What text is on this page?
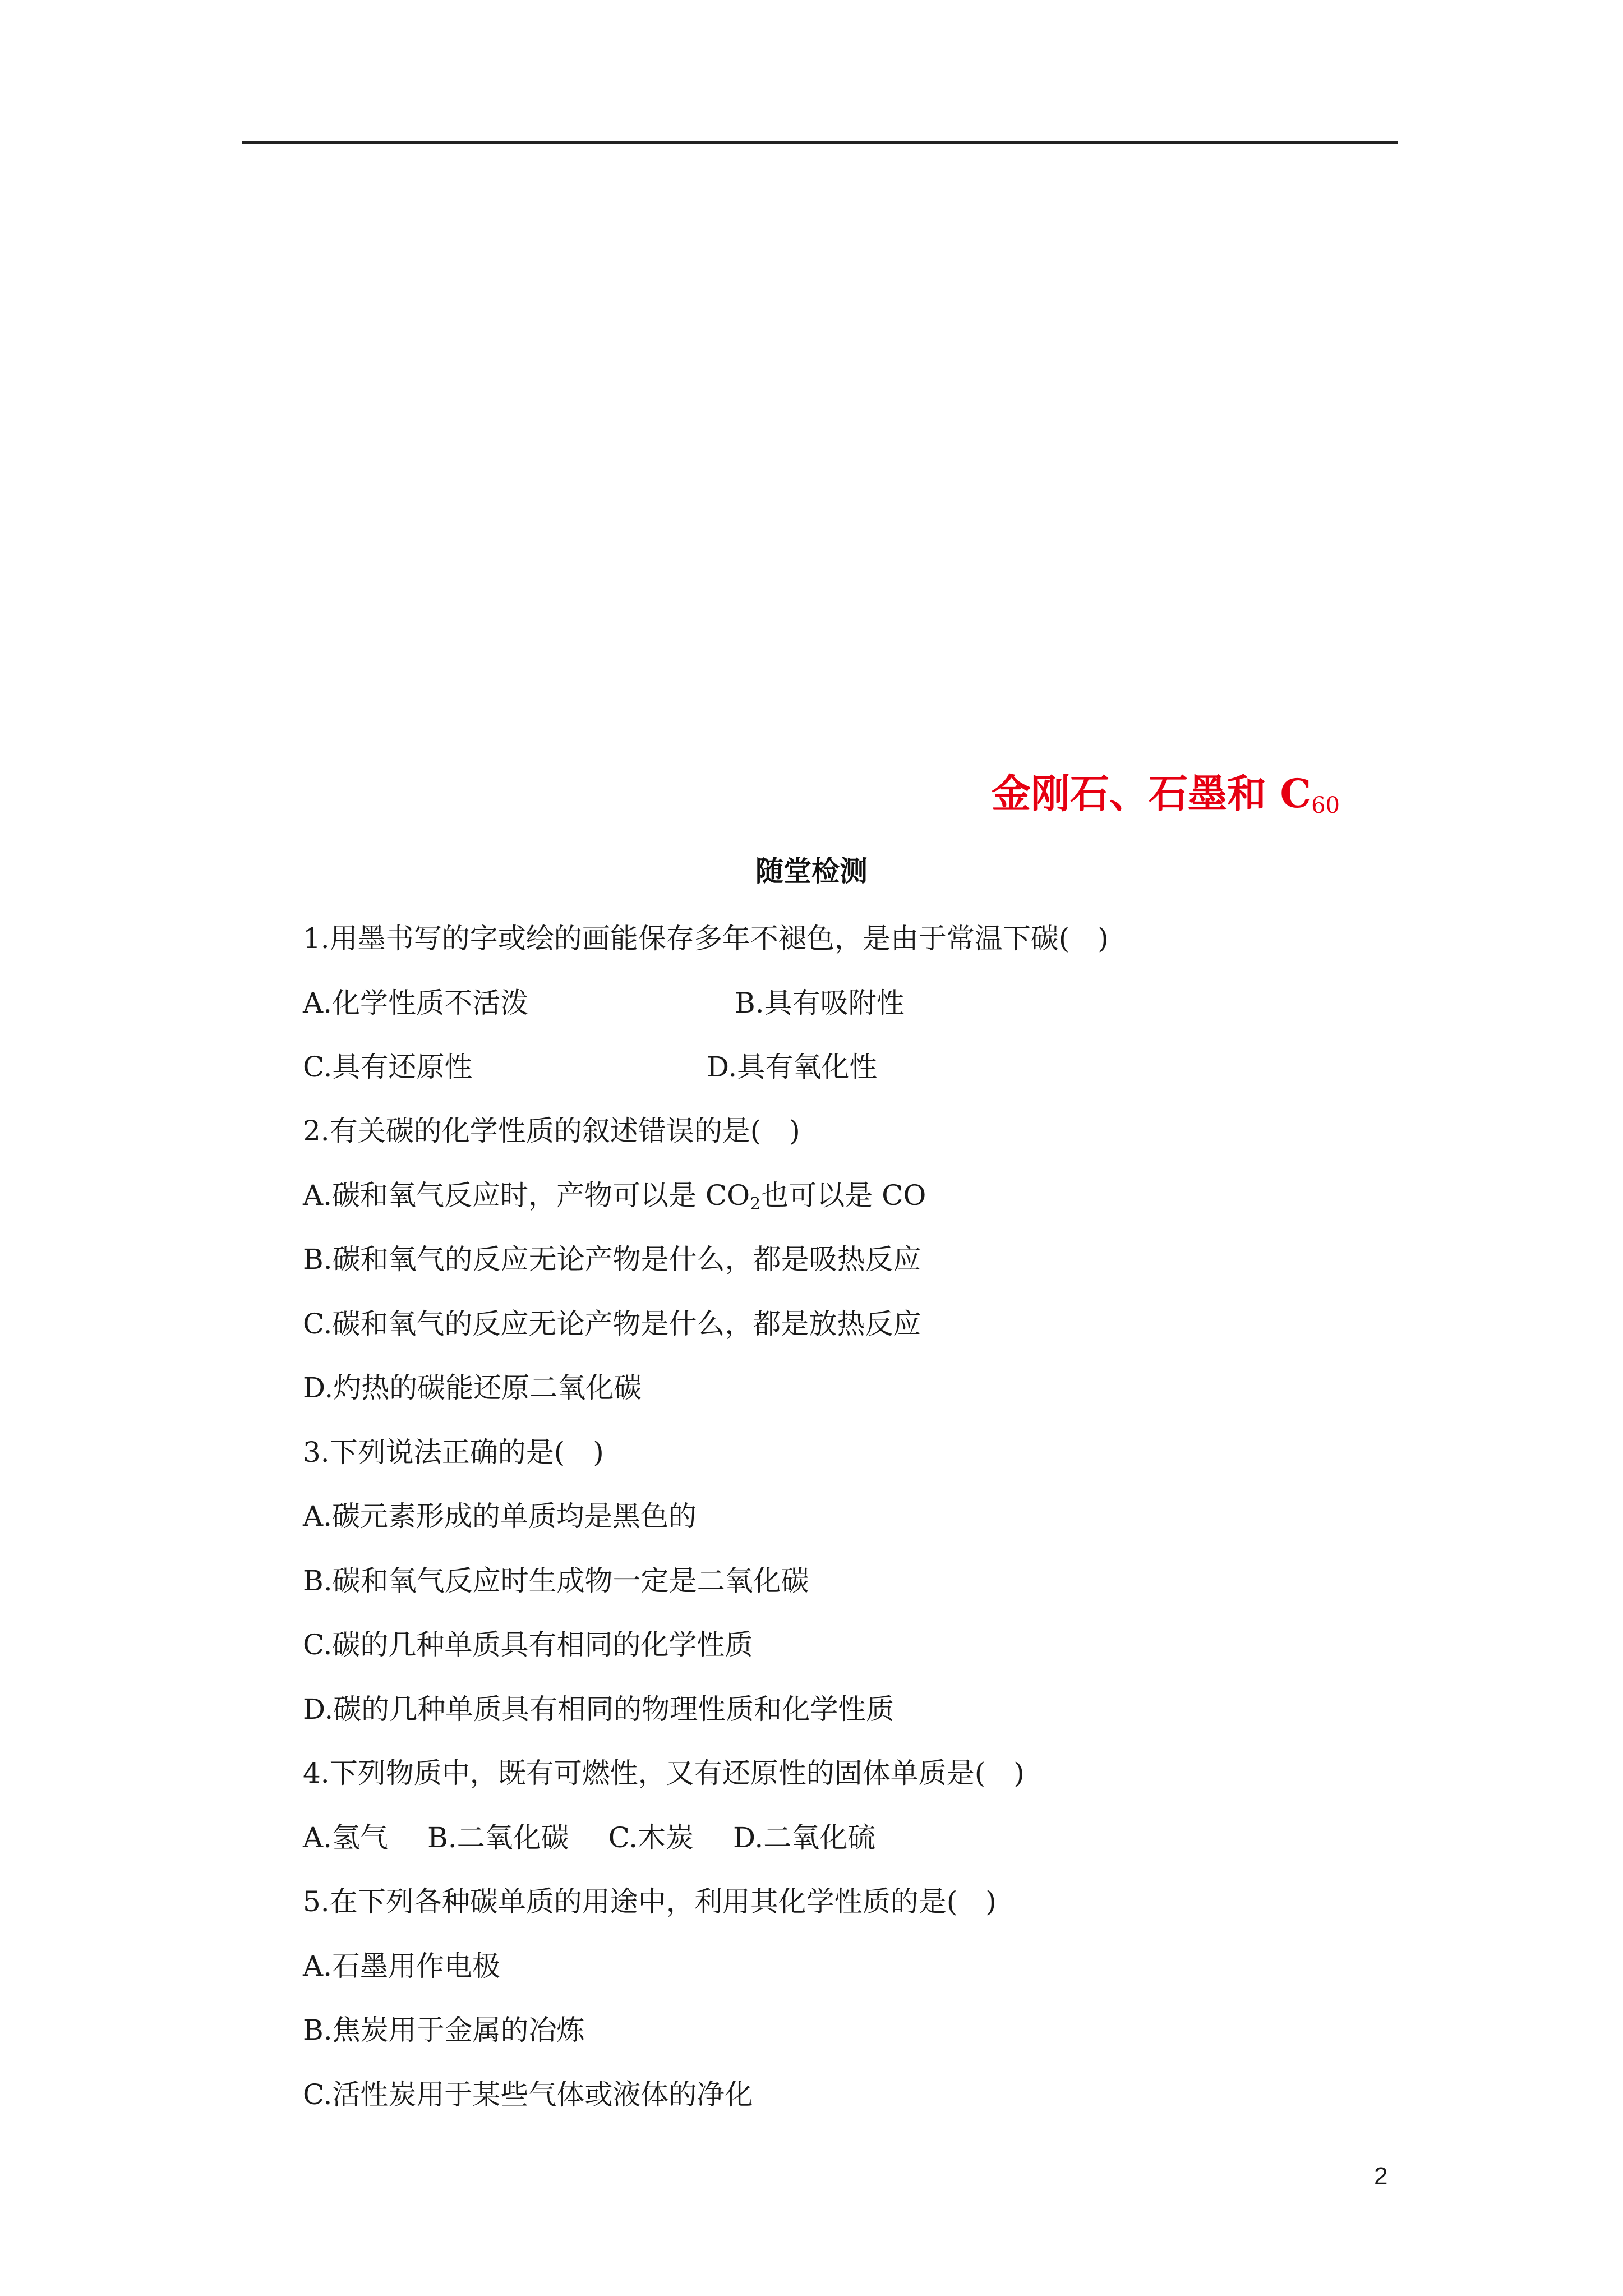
金刚石、石墨和 $C_{60}$
随堂检测
1.用墨书写的字或绘的画能保存多年不褪色，是由于常温下碳(　)
A.化学性质不活泼	B.具有吸附性
C.具有还原性	D.具有氧化性
2.有关碳的化学性质的叙述错误的是(　)
A.碳和氧气反应时，产物可以是 $CO_2$也可以是 CO
B.碳和氧气的反应无论产物是什么，都是吸热反应
C.碳和氧气的反应无论产物是什么，都是放热反应
D.灼热的碳能还原二氧化碳
3.下列说法正确的是(　)
A.碳元素形成的单质均是黑色的
B.碳和氧气反应时生成物一定是二氧化碳
C.碳的几种单质具有相同的化学性质
D.碳的几种单质具有相同的物理性质和化学性质
4.下列物质中，既有可燃性，又有还原性的固体单质是(　)
A.氢气 B.二氧化碳 C.木炭 D.二氧化硫
5.在下列各种碳单质的用途中，利用其化学性质的是(　)
A.石墨用作电极
B.焦炭用于金属的冶炼
C.活性炭用于某些气体或液体的净化
2
